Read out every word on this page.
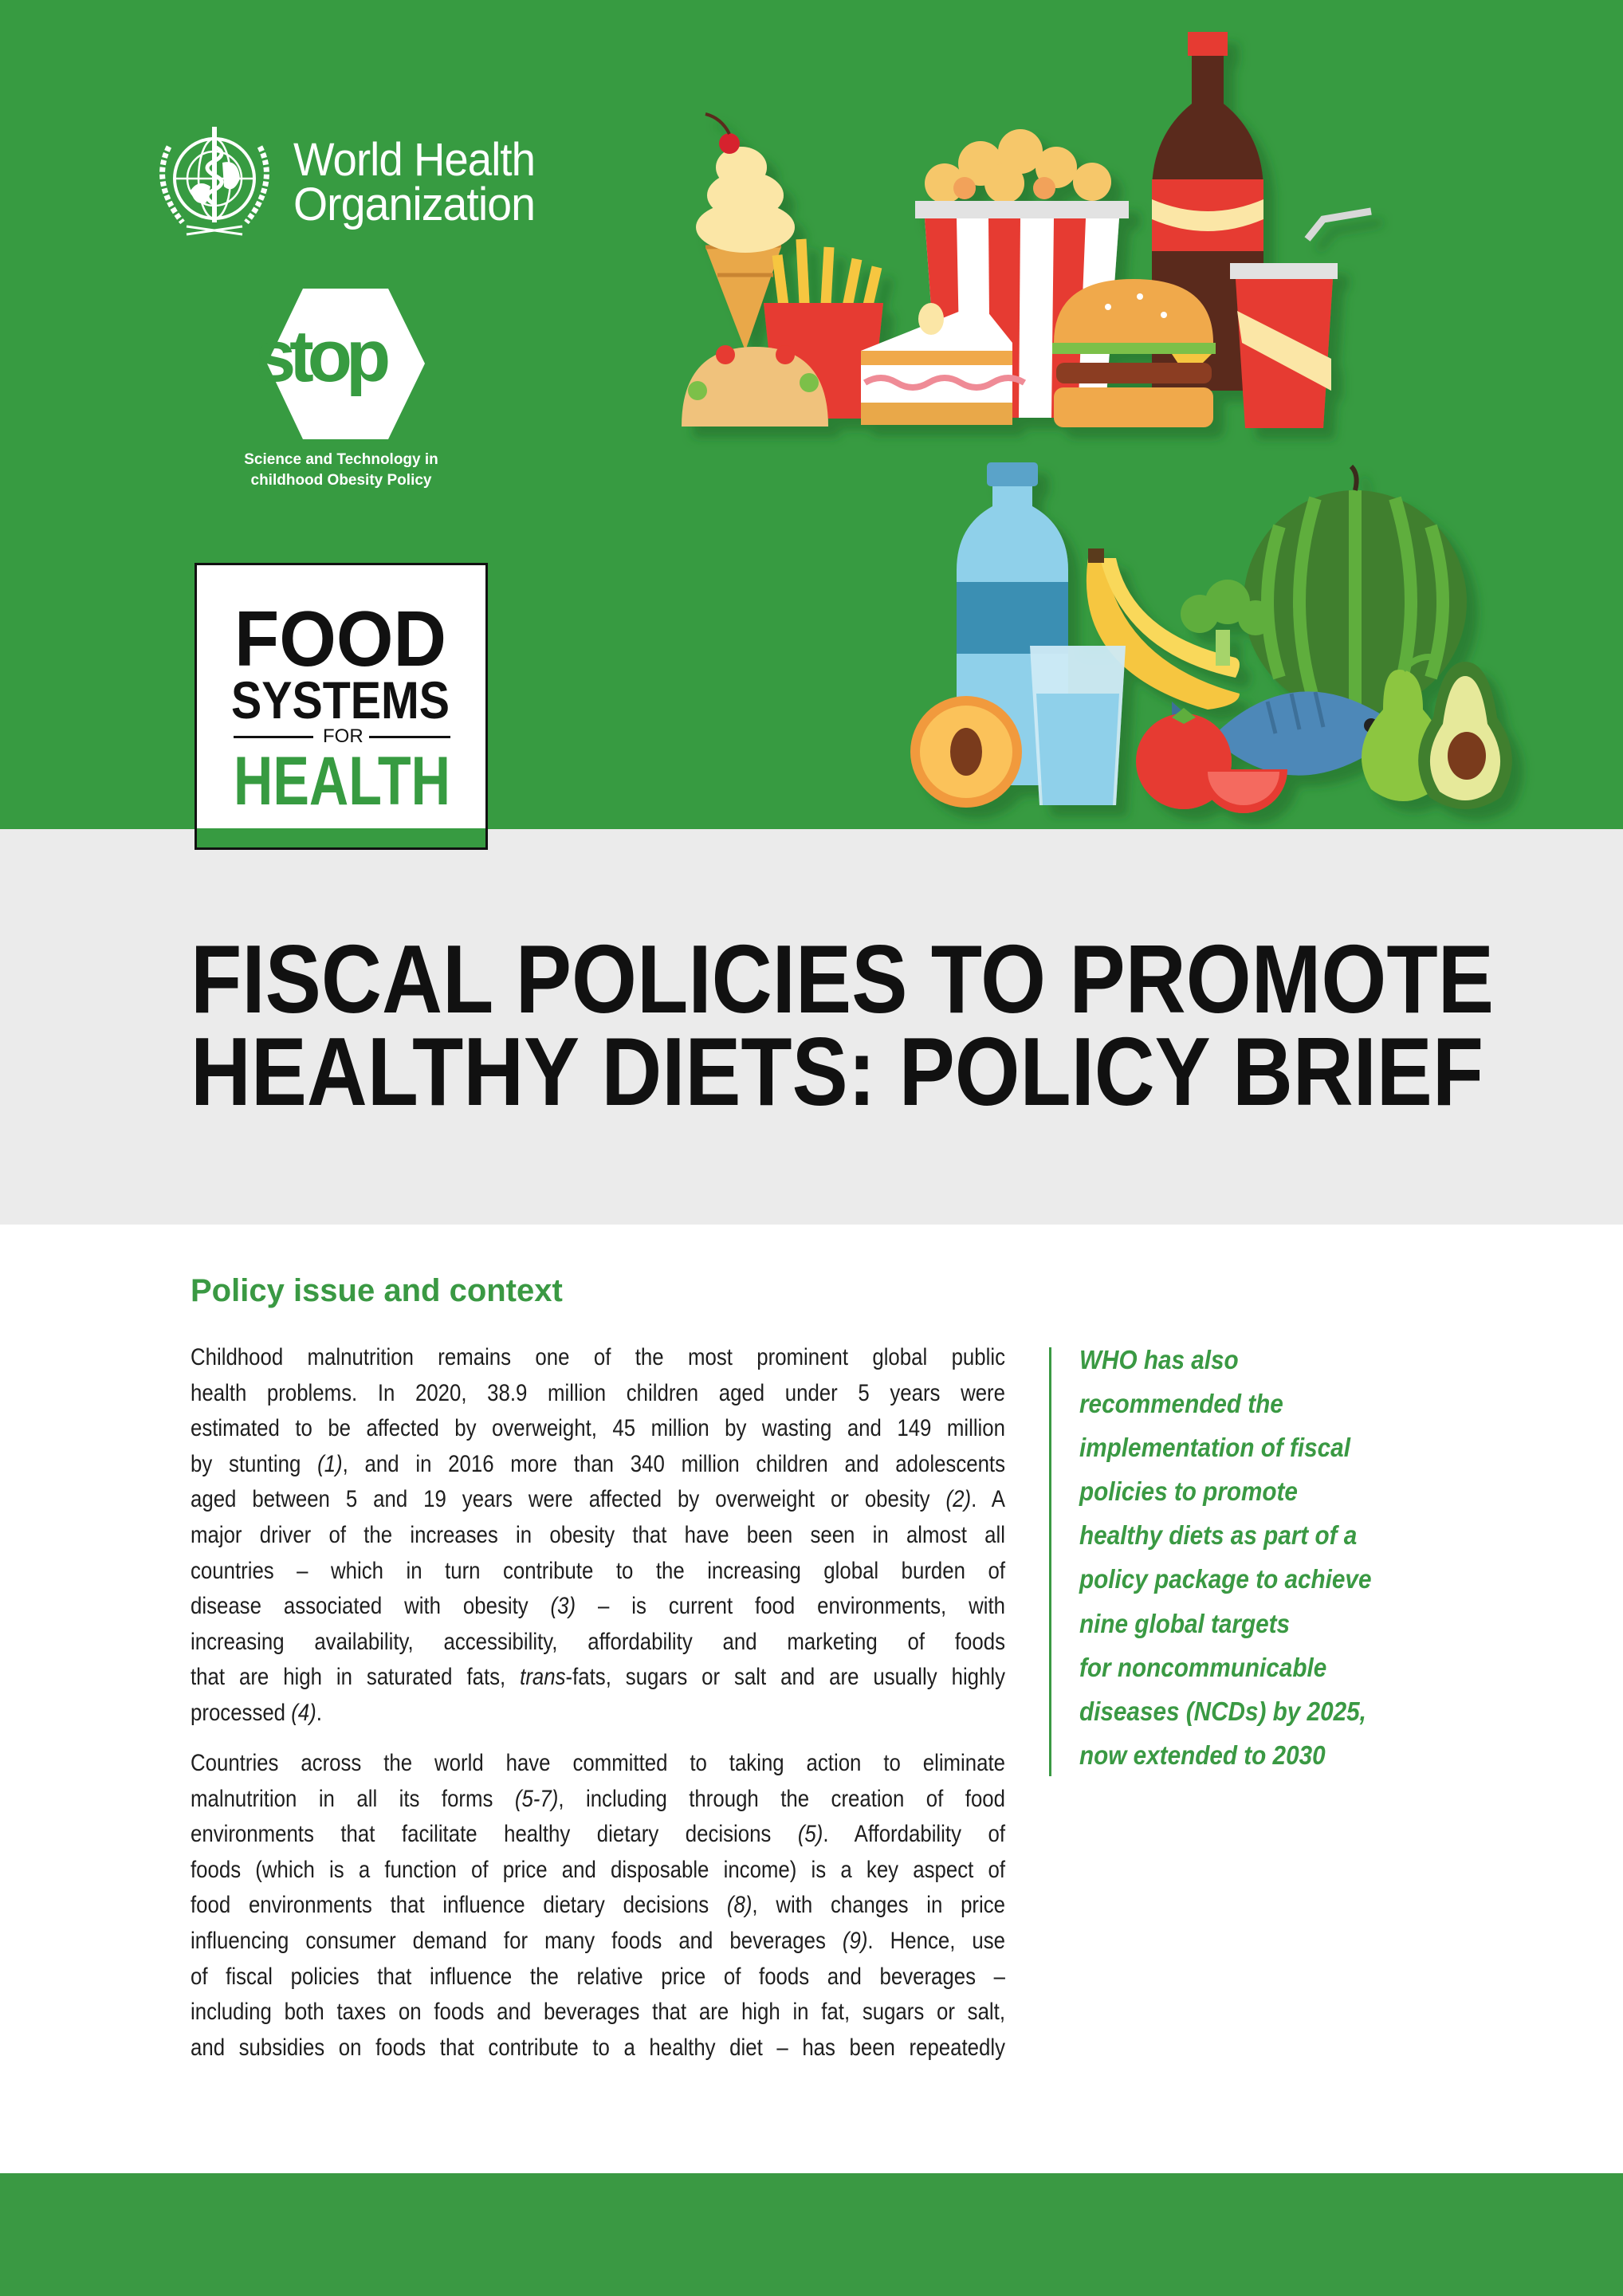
World Health
Organization
stop
Science and Technology in
childhood Obesity Policy
FOOD
SYSTEMS
FOR
HEALTH
FISCAL POLICIES TO PROMOTE
HEALTHY DIETS: POLICY BRIEF
Policy issue and context
Childhood malnutrition remains one of the most prominent global public
health problems. In 2020, 38.9 million children aged under 5 years were
estimated to be affected by overweight, 45 million by wasting and 149 million
by stunting (1), and in 2016 more than 340 million children and adolescents
aged between 5 and 19 years were affected by overweight or obesity (2). A
major driver of the increases in obesity that have been seen in almost all
countries – which in turn contribute to the increasing global burden of
disease associated with obesity (3) – is current food environments, with
increasing availability, accessibility, affordability and marketing of foods
that are high in saturated fats, trans-fats, sugars or salt and are usually highly
processed (4).
Countries across the world have committed to taking action to eliminate
malnutrition in all its forms (5-7), including through the creation of food
environments that facilitate healthy dietary decisions (5). Affordability of
foods (which is a function of price and disposable income) is a key aspect of
food environments that influence dietary decisions (8), with changes in price
influencing consumer demand for many foods and beverages (9). Hence, use
of fiscal policies that influence the relative price of foods and beverages –
including both taxes on foods and beverages that are high in fat, sugars or salt,
and subsidies on foods that contribute to a healthy diet – has been repeatedly
WHO has also
recommended the
implementation of fiscal
policies to promote
healthy diets as part of a
policy package to achieve
nine global targets
for noncommunicable
diseases (NCDs) by 2025,
now extended to 2030
